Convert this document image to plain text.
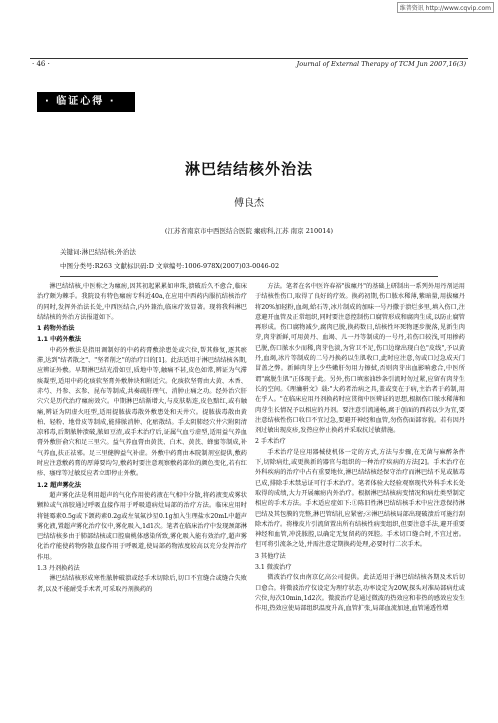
维普资讯 http://www.cqvip.com
· 46 ·	Journal of External Therapy of TCM Jun 2007,16(3)
· 临证心得 ·
淋巴结结核外治法
傅良杰
(江苏省南京市中西医结合医院 瘰疬科,江苏 南京 210014)
关键词:淋巴结结核;外治法
中图分类号:R263 文献标识码:D 文章编号:1006-978X(2007)03-0046-02

淋巴结结核,中医称之为瘰疬,因其初起累累如串珠,溃破后久不愈合,临床治疗颇为棘手。我院设有特色瘰疬专科近40a,在应用中西药内服抗结核治疗的同时,发挥外治法长处,中西医结合,内外兼治,临床疗效显著。现将我科淋巴结结核的外治方法报道如下。

1 药物外治法

1.1 中药外敷法

中药外敷法是指用调制好的中药药膏敷涂患处或穴位,帮其修复,逐其瘀滞,达到"结者散之"、"坚者削之"的治疗目的[1]。此法适用于淋巴结结核各期,应辨证外敷。早期淋巴结光滑如豆,质地中等,触痛不甚,皮色如常,辨证为气滞痰凝型,适用中药化痰软坚膏外敷肿块和附近穴。化痰软坚膏由大黄、木香、赤芍、丹参、玄参、昆布等制成,共奏疏肝理气、消肿止痛之功。经外治穴肝穴穴是历代治疗瘰疬效穴。中期淋巴结渐增大,与皮肤粘连,皮色黯红,或有触痛,辨证为阴虚火旺型,适用提脓拔毒散外敷患处和天井穴。提脓拔毒散由黄柏、轻粉、地骨皮等制成,能排脓消肿、化瘀散结。手太阴肺经穴井穴附阴清凉邪毒,后期脓肿溃破,脓如豆渣,或手术治疗后,证属气血亏虚型,适用益气养血膏外敷肝俞穴和足三里穴。益气养血膏由黄芪、白术、黄芪、蜂蜜等制成,补气养血,扶正祛邪。足三里健脾益气补虚。外敷中药膏由本院制剂室提供,敷药时应注意敷药膏的厚薄要均匀,敷药时要注意观察敷药部位的颜色变化,若有红疹、瘙痒等过敏反应者立即停止外敷。

1.2 超声雾化法

超声雾化法是利用超声的气化作用使药液在气相中分散,将药液变成雾状颗粒或气溶胶通过呼吸直接作用于呼吸道病灶局部的治疗方法。临床应用时将链霉素0.5g或下颌药素0.2g或左氧氟沙星0.1g加入生理盐水20mL中超声雾化液,置超声雾化治疗仪中,雾化吸入,1d1次。笔者在临床治疗中发现颈部淋巴结结核多由于肺部结核或口腔扁桃体感染所致,雾化吸入能有效治疗,超声雾化治疗能使药物弥散直接作用于呼吸道,使局部药物浓度较高以充分发挥治疗作用。

1.3 丹剂换药法

淋巴结结核形成寒性脓肿破溃或经手术切除后,切口不宜缝合或缝合失败者,以及不能耐受手术者,可采取丹剂换药的

方法。笔者在名中医许春裕"拔瘰丹"的基础上研制出一系列外用丹剂运用于结核性伤口,取得了良好的疗效。换药初期,伤口脓水稀薄,紫暗量,用拔瘰丹将20%加轻粉,血竭,蛤石等,冰片制成的加味一号丹撒于溃烂多里,填入伤口,注意避开血管及正常组织,同时要注意控制伤口腐管形成和腐肉生成,以防止腐管再形成。伤口腐物减少,腐肉已脱,换药数日,结核性坏死物逐步脱落,见新生肉芽,肉芽新鲜,可用黄丹、血竭、儿一丹等制成的一号丹,若伤口较浅,可用掺药已脱,伤口脓水少而稀,肉芽色淡,为营卫不足,伤口边缘出现白色"皮线",予以黄丹,血竭,冰片等制成的二号丹换药以生肌收口,此时应注意,勿或口过急成天门冒盖之弊。新鲜肉芽上少些嫩肝勿用力擦拭,否则肉芽出血影响愈合,中医所谓"腐脱生肌"正体现于此。另外,伤口填塞油纱条引流时勿过紧,应留有肉芽生长的空间。《理瀹骈文》载:"大药者治病之具,盖或变在于病,主治者于药制,用在乎人。"在临床应用丹剂换药时应贯彻中医辨证的思想,根据伤口脓水稀薄和肉芽生长情况予以相应的丹剂。要注意引流通畅,腐于创面的西药以少为宜,要注意结核性伤口收口不宜过急,要避开神经和血管,勿伤伤面部容貌。若有因丹剂过敏出现皮疹,发热应停止换药并采取抗过敏措施。

2 手术治疗

手术治疗是应用器械使机体一定的方式,方法与步骤,在无菌与麻醉条件下,切除病灶,或更换新的器官与组织的一种治疗疾病的方法[2]。手术治疗在外科疾病的治疗中占有重要地位,淋巴结结核经保守治疗而淋巴结不见或脓毒已成,排除手术禁忌证可行手术治疗。笔者体验大经验观察现代外科手术长处取得的成绩,大力开展瘰疬内外治疗。根据淋巴结核病变情况和病灶类型制定相应的手术方法。手术适应症如下:①陈旧性淋巴结结核手术中应注意保持淋巴结及其包膜的完整,淋巴管结扎应紧密;②淋巴结核局部出现破溃后可施行刮除术治疗。将橡皮片引流留置出所有结核性病变组织,但要注意手法,避开重要神经和血管,冲洗脓腔,以确定无复留药的死腔。手术切口缝合时,不宜过密。但可将引流条之处,并需注意定期换药处理,必要时行二次手术。

3 其他疗法

3.1 微波治疗

微波治疗仪由南京亿高公司提供。此法适用于淋巴结结核各期及术后切口愈合。将微波治疗仪设定为理疗状态,功率设定为20W,探头对准局部病灶或穴位,每次10min,1d2次。微波治疗是通过微波的热效应和非热的感效应发生作用,热效应使局部组织温度升高,血管扩张,局部血流加速,血管通透性增
